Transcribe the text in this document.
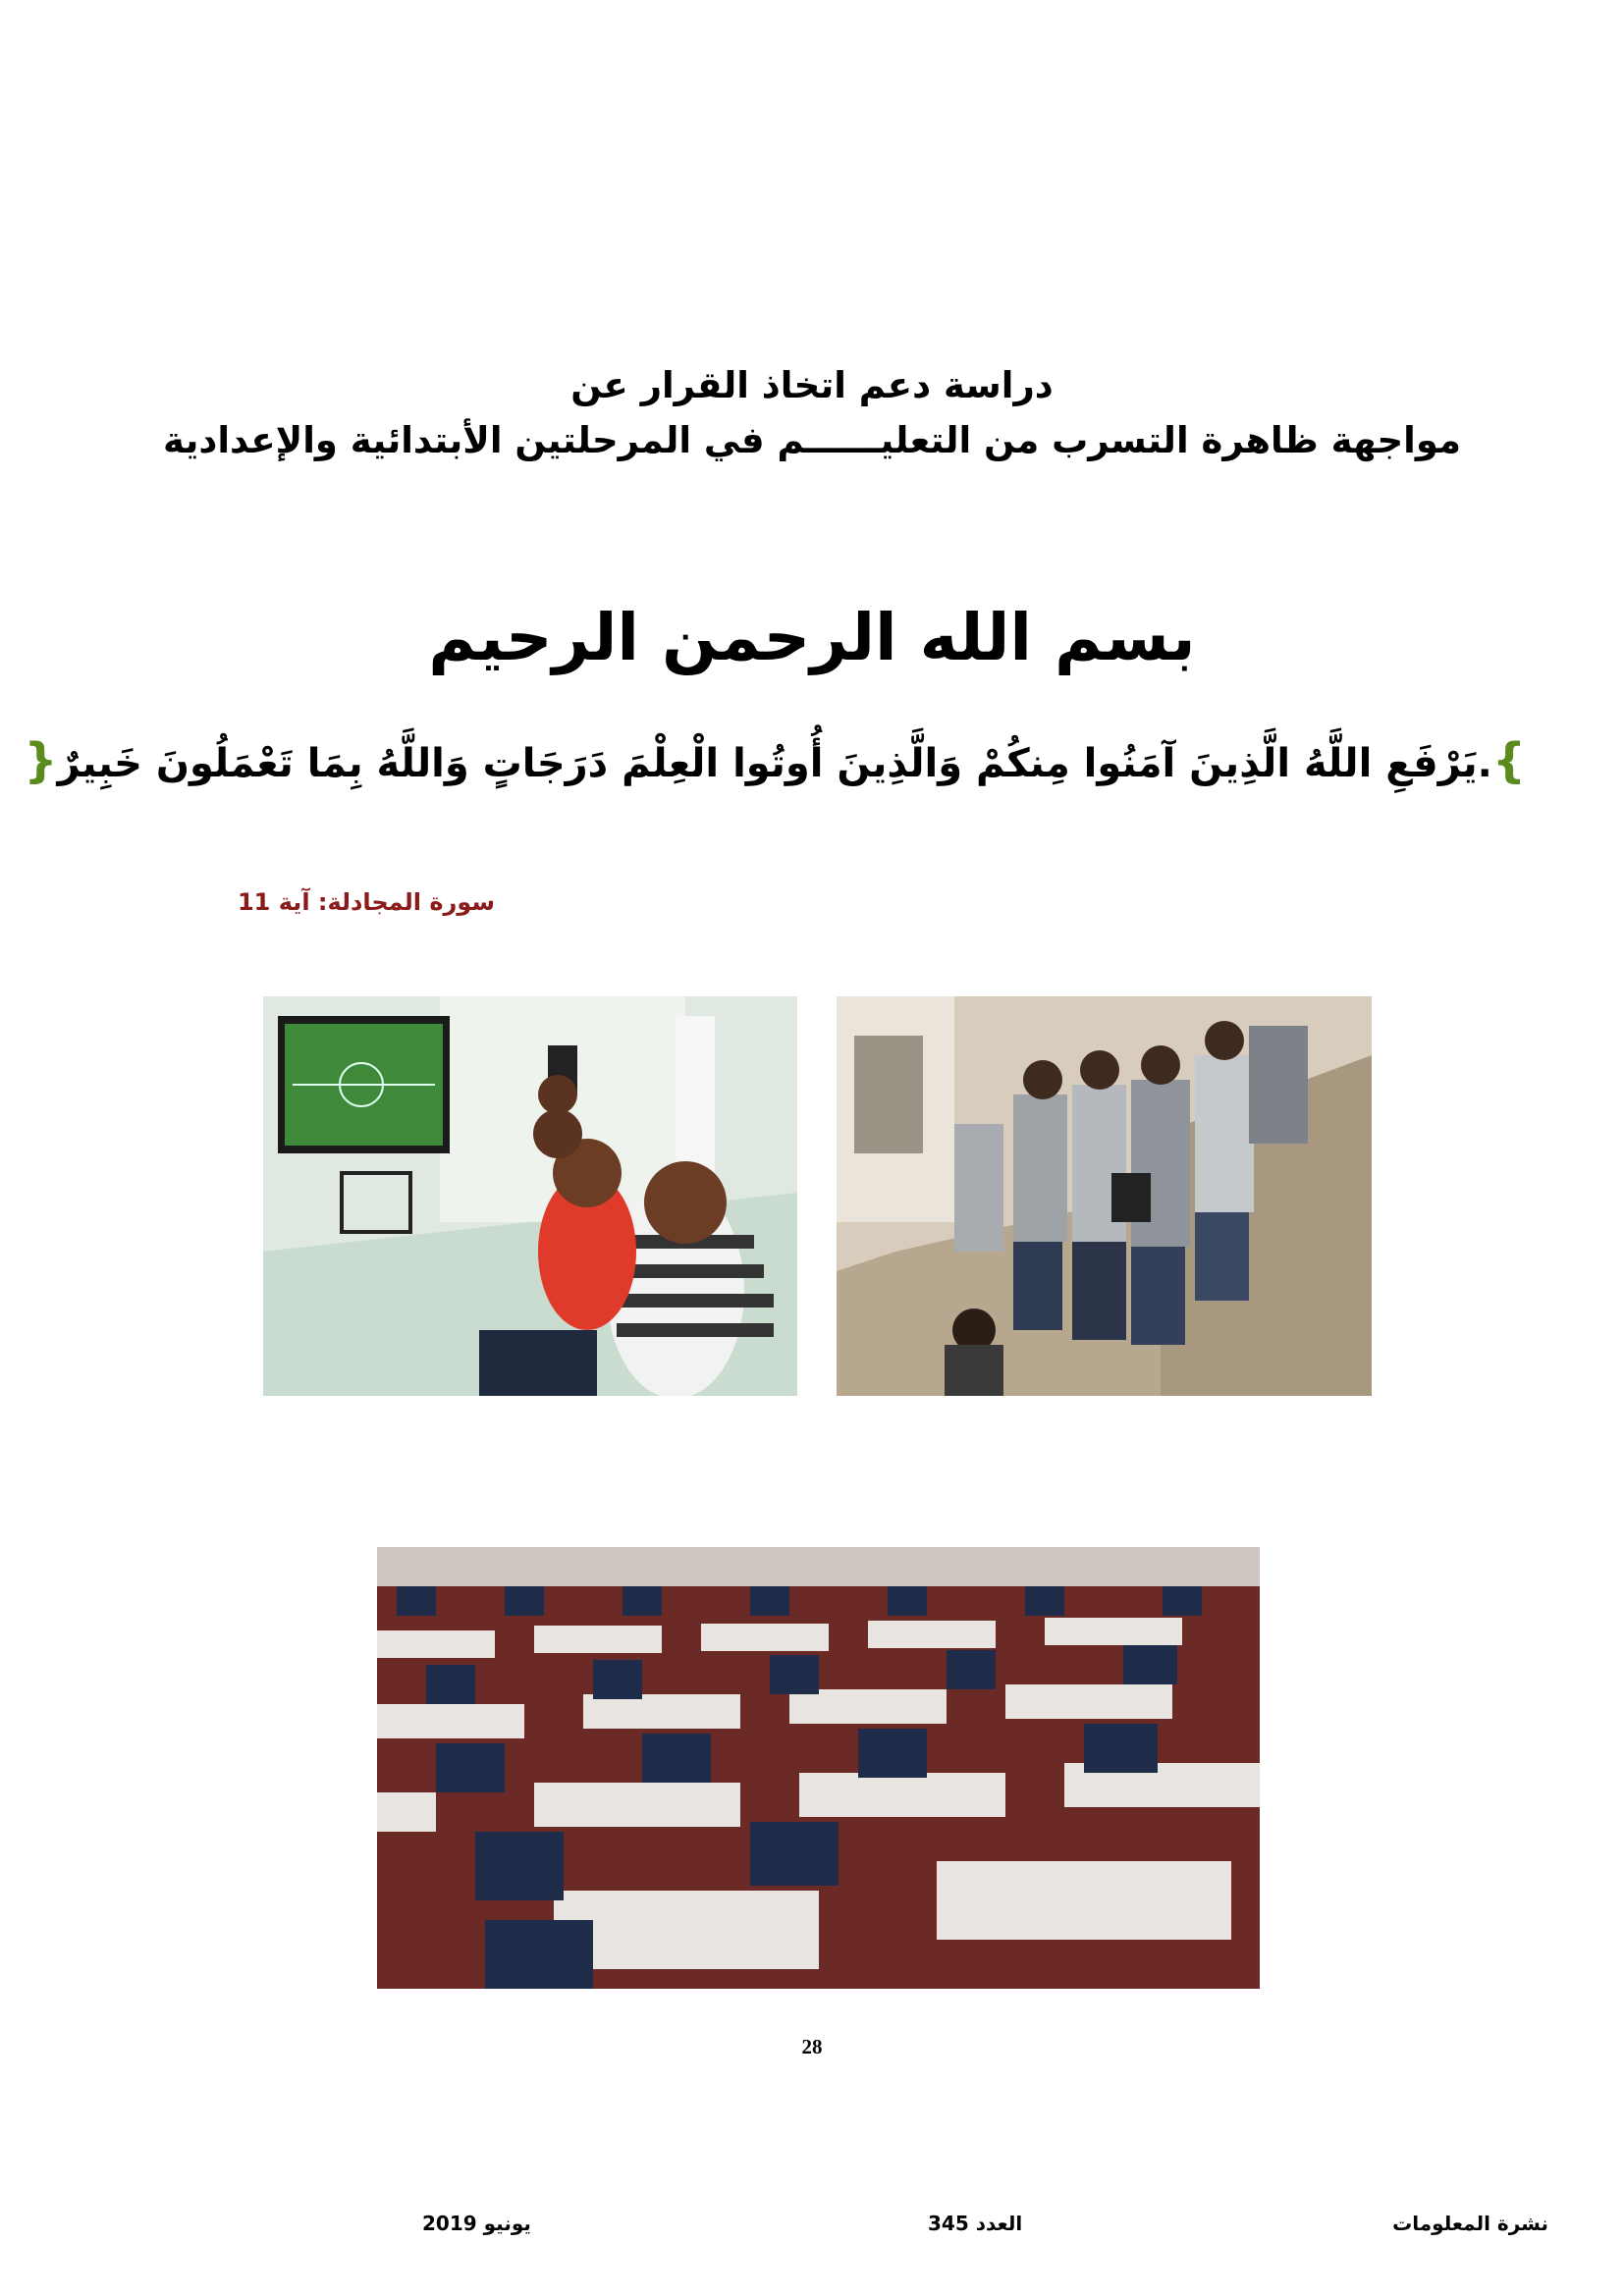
دراسة دعم اتخاذ القرار عن
مواجهة ظاهرة التسرب من التعليــــــم في المرحلتين الأبتدائية والإعدادية
بسم الله الرحمن الرحيم
}.يَرْفَعِ اللَّهُ الَّذِينَ آمَنُوا مِنكُمْ وَالَّذِينَ أُوتُوا الْعِلْمَ دَرَجَاتٍ وَاللَّهُ بِمَا تَعْمَلُونَ خَبِيرٌ{
سورة المجادلة: آية 11
28
نشرة المعلومات
العدد 345
يونيو 2019
